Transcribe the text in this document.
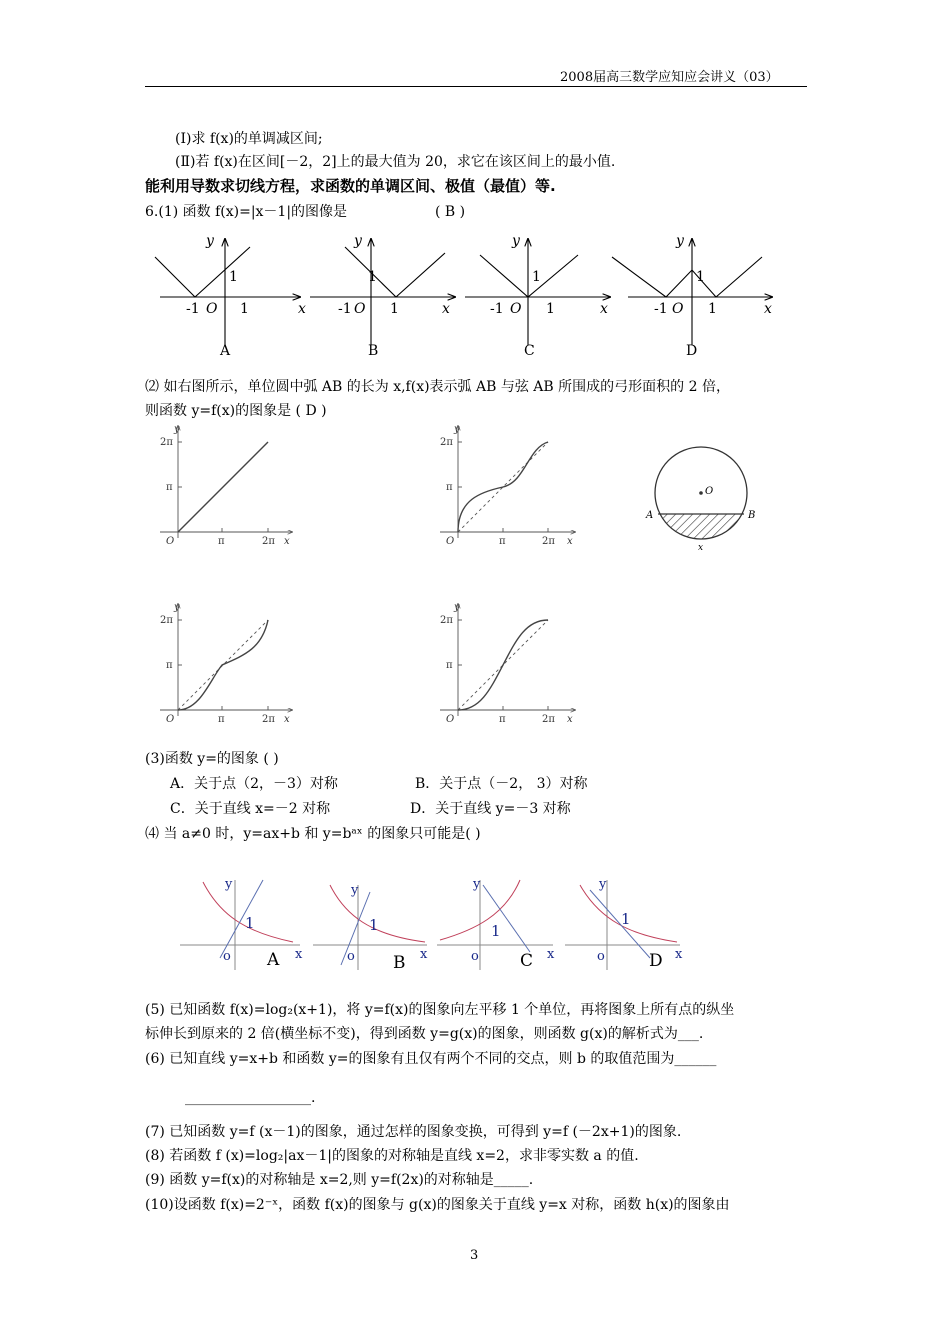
2008届高三数学应知应会讲义（03）
(Ⅰ)求 f(x)的单调减区间;
(Ⅱ)若 f(x)在区间[－2，2]上的最大值为 20，求它在该区间上的最小值.
能利用导数求切线方程，求函数的单调区间、极值（最值）等.
6.(1) 函数 f(x)=|x－1|的图像是	( B )
y
x
-1 O 1
1
A
y
x
-1 O 1
1
B
y
x
-1 O 1
1
C
y
x
-1 O 1
1
D
⑵ 如右图所示，单位圆中弧 AB 的长为 x,f(x)表示弧 AB 与弦 AB 所围成的弓形面积的 2 倍，
则函数 y=f(x)的图象是 ( D )
y
x
O	π	2π
π
2π
y
x
O	π	2π
π
2π
y
x
O	π	2π
π
2π
y
x
O	π	2π
π
2π
O
A	B
x
(3)函数 y=的图象 ( )
A．关于点（2，－3）对称	B．关于点（－2， 3）对称
C．关于直线 x=－2 对称	D．关于直线 y=－3 对称
⑷ 当 a≠0 时，y=ax+b 和 y=bᵃˣ 的图象只可能是( )
y
x
o
1
A
y
x
o
1
B
y
x
o
1
C
y
x
o
1
D
(5) 已知函数 f(x)=log₂(x+1)，将 y=f(x)的图象向左平移 1 个单位，再将图象上所有点的纵坐
标伸长到原来的 2 倍(横坐标不变)，得到函数 y=g(x)的图象，则函数 g(x)的解析式为___.
(6) 已知直线 y=x+b 和函数 y=的图象有且仅有两个不同的交点，则 b 的取值范围为______
__________________.
(7) 已知函数 y=f (x－1)的图象，通过怎样的图象变换，可得到 y=f (－2x+1)的图象.
(8) 若函数 f (x)=log₂|ax－1|的图象的对称轴是直线 x=2，求非零实数 a 的值.
(9) 函数 y=f(x)的对称轴是 x=2,则 y=f(2x)的对称轴是_____.
(10)设函数 f(x)=2⁻ˣ，函数 f(x)的图象与 g(x)的图象关于直线 y=x 对称，函数 h(x)的图象由
3
